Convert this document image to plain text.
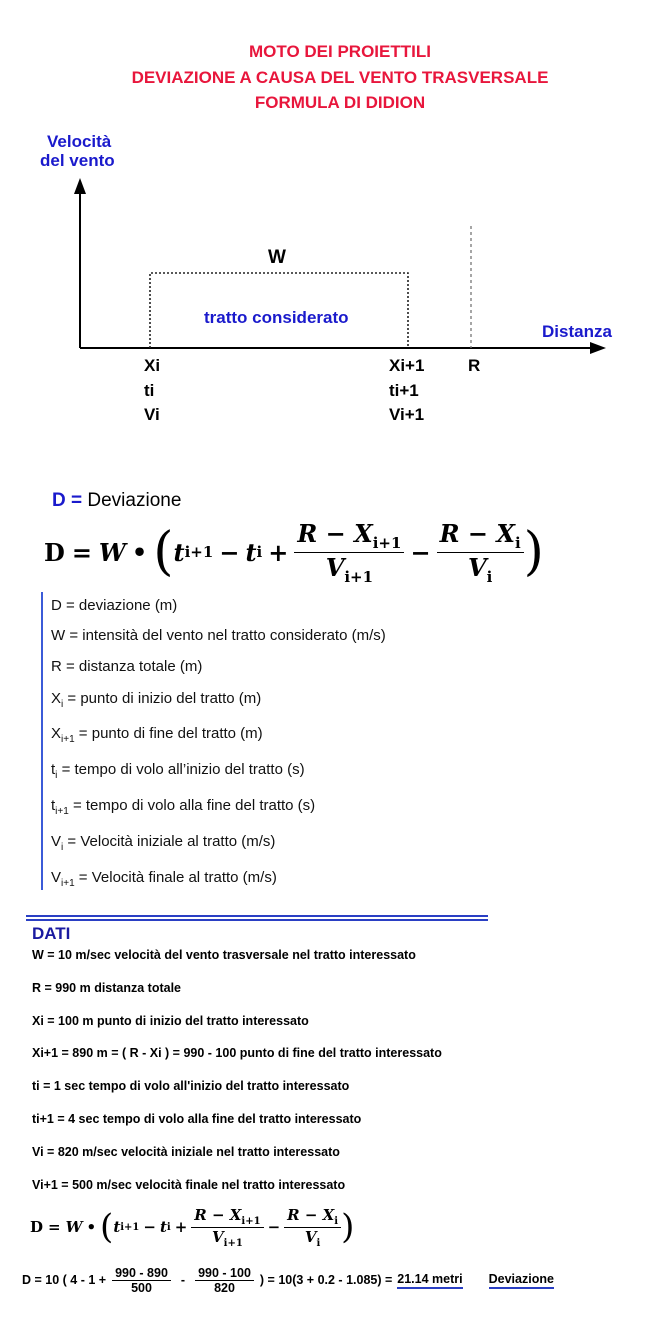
MOTO DEI PROIETTILI
DEVIAZIONE A CAUSA DEL VENTO TRASVERSALE
FORMULA DI DIDION
Velocità
del vento
Distanza
W
tratto considerato
Xi
ti
Vi
Xi+1
ti+1
Vi+1
R
D = Deviazione
D = W • ( t i+1 − t $i + \frac{R - X_{i+1}}{V_{i+1}} - \frac{R - X_i}{V_i}$ )
D = deviazione (m)
W = intensità del vento nel tratto considerato (m/s)
R = distanza totale (m)
$X_i$ = punto di inizio del tratto (m)
$X_{i+1}$ = punto di fine del tratto (m)
$t_i$ = tempo di volo all’inizio del tratto (s)
$t_{i+1}$ = tempo di volo alla fine del tratto (s)
$V_i$ = Velocità iniziale al tratto (m/s)
$V_{i+1}$ = Velocità finale al tratto (m/s)
DATI
W = 10 m/sec velocità del vento trasversale nel tratto interessato
R = 990 m distanza totale
Xi = 100 m punto di inizio del tratto interessato
Xi+1 = 890 m = ( R - Xi ) = 990 - 100 punto di fine del tratto interessato
ti = 1 sec tempo di volo all'inizio del tratto interessato
ti+1 = 4 sec tempo di volo alla fine del tratto interessato
Vi = 820 m/sec velocità iniziale nel tratto interessato
Vi+1 = 500 m/sec velocità finale nel tratto interessato
D = W • ( t i+1 − t $i + \frac{R - X_{i+1}}{V_{i+1}} - \frac{R - X_i}{V_i}$ )
D = 10 ( $4 - 1 + \frac{990 - 890}{500} - \frac{990 - 100}{820}$ ) = 10(3 + 0.2 - 1.085) = 21.14 metri Deviazione
